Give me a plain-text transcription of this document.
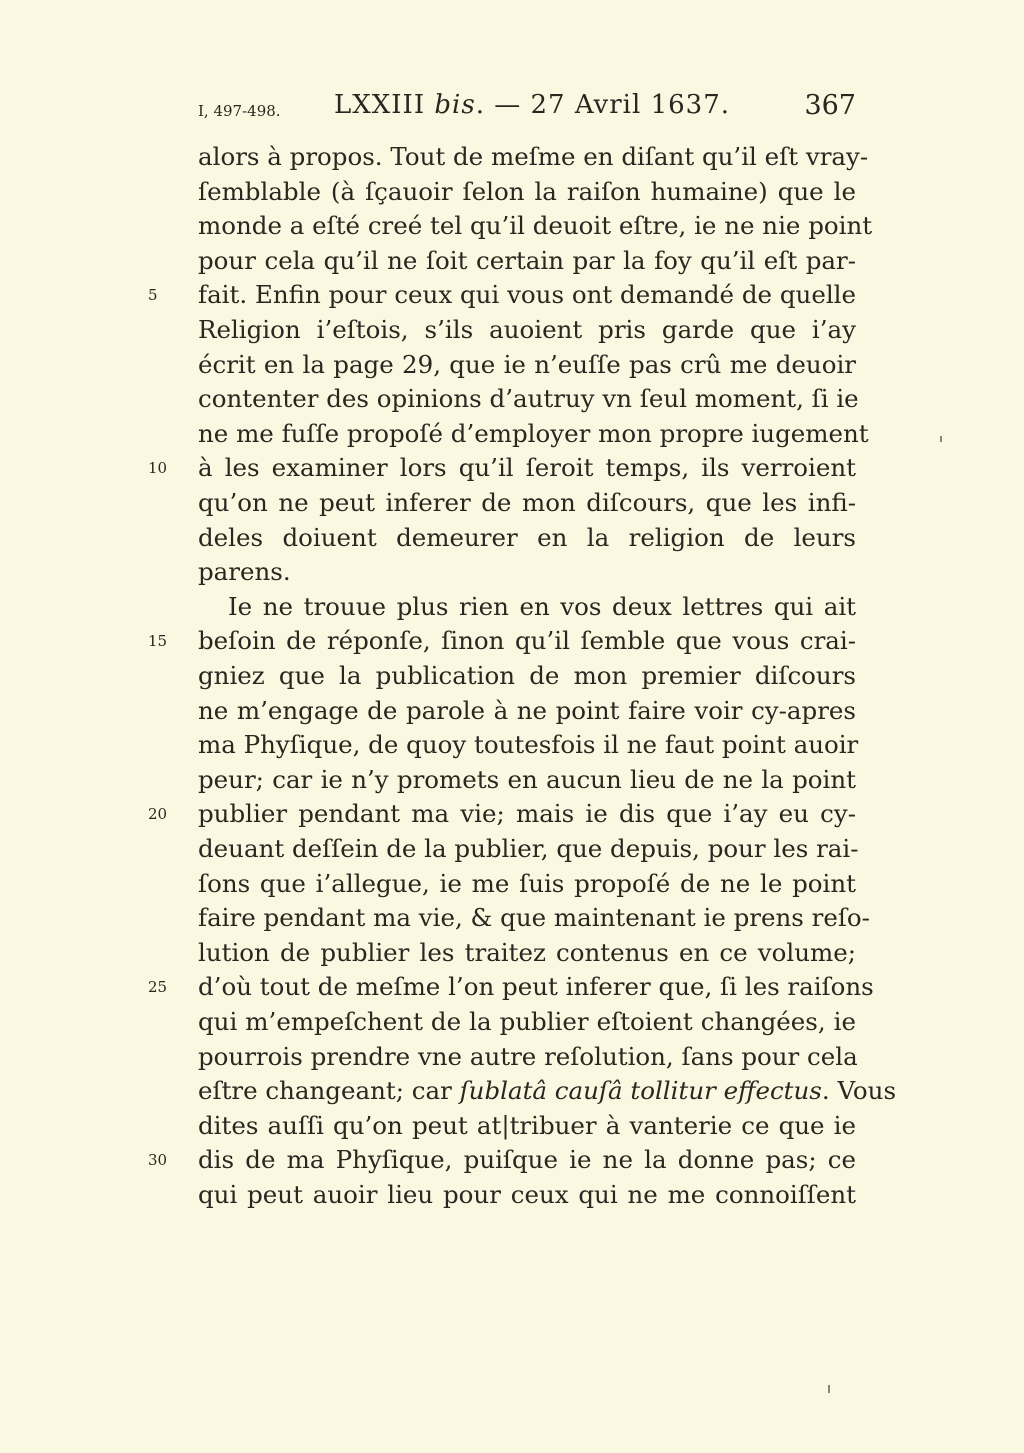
I, 497-498. LXXIII bis. — 27 Avril 1637.	367
alors à propos. Tout de meſme en diſant qu’il eſt vray-
ſemblable (à ſçauoir ſelon la raiſon humaine) que le
monde a eſté creé tel qu’il deuoit eſtre, ie ne nie point
pour cela qu’il ne ſoit certain par la foy qu’il eſt par-
5	fait. Enfin pour ceux qui vous ont demandé de quelle
Religion i’eſtois, s’ils auoient pris garde que i’ay
écrit en la page 29, que ie n’euſſe pas crû me deuoir
contenter des opinions d’autruy vn ſeul moment, ſi ie
ne me fuſſe propoſé d’employer mon propre iugement
10	à les examiner lors qu’il ſeroit temps, ils verroient
qu’on ne peut inferer de mon diſcours, que les infi-
deles doiuent demeurer en la religion de leurs
parens.
Ie ne trouue plus rien en vos deux lettres qui ait
15	beſoin de réponſe, ſinon qu’il ſemble que vous crai-
gniez que la publication de mon premier diſcours
ne m’engage de parole à ne point faire voir cy-apres
ma Phyſique, de quoy toutesfois il ne faut point auoir
peur; car ie n’y promets en aucun lieu de ne la point
20	publier pendant ma vie; mais ie dis que i’ay eu cy-
deuant deſſein de la publier, que depuis, pour les rai-
ſons que i’allegue, ie me ſuis propoſé de ne le point
faire pendant ma vie, & que maintenant ie prens reſo-
lution de publier les traitez contenus en ce volume;
25	d’où tout de meſme l’on peut inferer que, ſi les raiſons
qui m’empeſchent de la publier eſtoient changées, ie
pourrois prendre vne autre reſolution, ſans pour cela
eſtre changeant; car ſublatâ cauſâ tollitur effectus. Vous
dites auſſi qu’on peut at|tribuer à vanterie ce que ie
30	dis de ma Phyſique, puiſque ie ne la donne pas; ce
qui peut auoir lieu pour ceux qui ne me connoiſſent
